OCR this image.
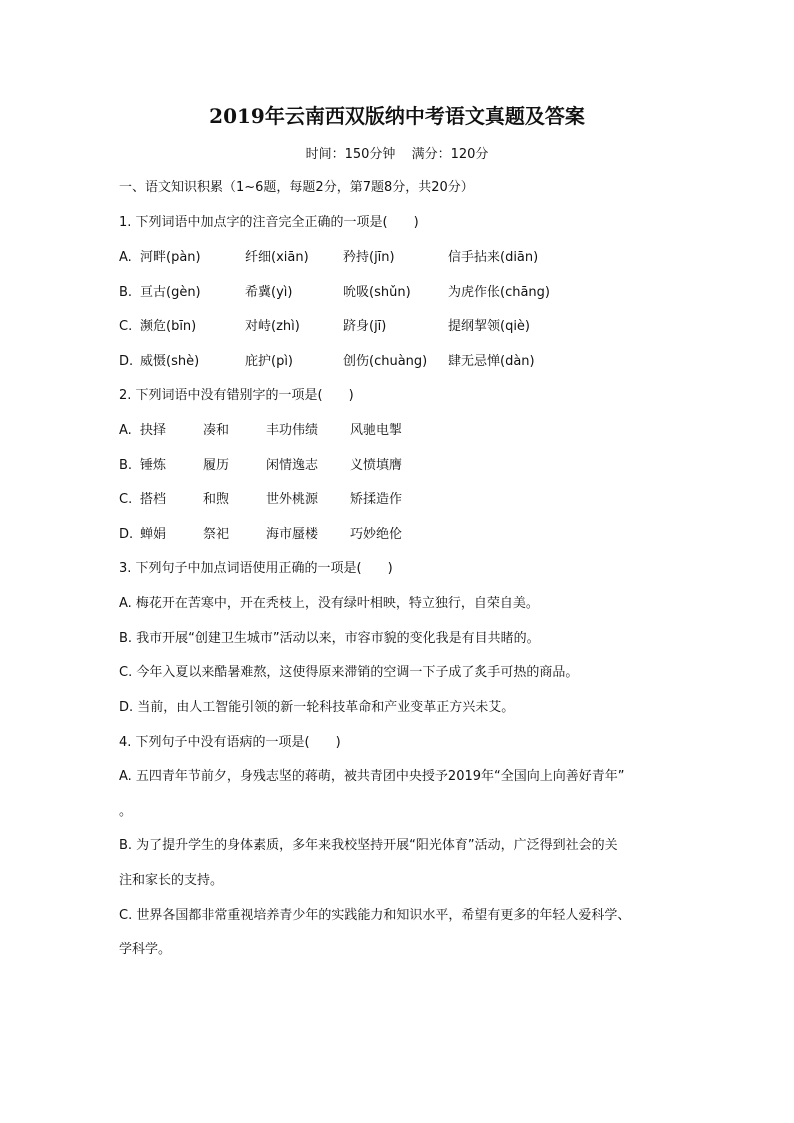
2019年云南西双版纳中考语文真题及答案
时间：150分钟 满分：120分
一、语文知识积累（1~6题，每题2分，第7题8分，共20分）
1. 下列词语中加点字的注音完全正确的一项是(　　)
A. 河畔(pàn)	纤细(xiān)	矜持(jīn)	信手拈来(diān)
B. 亘古(gèn)	希冀(yì)	吮吸(shǔn)	为虎作伥(chāng)
C. 濒危(bīn)	对峙(zhì)	跻身(jī)	提纲挈领(qiè)
D. 威慑(shè)	庇护(pì)	创伤(chuàng) 肆无忌惮(dàn)
2. 下列词语中没有错别字的一项是(　　)
A. 抉择	凑和	丰功伟绩 风驰电掣
B. 锤炼	履历	闲情逸志 义愤填膺
C. 搭档	和煦	世外桃源 矫揉造作
D. 蝉娟	祭祀	海市蜃楼 巧妙绝伦
3. 下列句子中加点词语使用正确的一项是(　　)
A. 梅花开在苦寒中，开在秃枝上，没有绿叶相映，特立独行，自荣自美。
B. 我市开展“创建卫生城市”活动以来，市容市貌的变化我是有目共睹的。
C. 今年入夏以来酷暑难熬，这使得原来滞销的空调一下子成了炙手可热的商品。
D. 当前，由人工智能引领的新一轮科技革命和产业变革正方兴未艾。
4. 下列句子中没有语病的一项是(　　)
A. 五四青年节前夕，身残志坚的蒋萌，被共青团中央授予2019年“全国向上向善好青年”
。
B. 为了提升学生的身体素质，多年来我校坚持开展“阳光体育”活动，广泛得到社会的关
注和家长的支持。
C. 世界各国都非常重视培养青少年的实践能力和知识水平，希望有更多的年轻人爱科学、
学科学。
